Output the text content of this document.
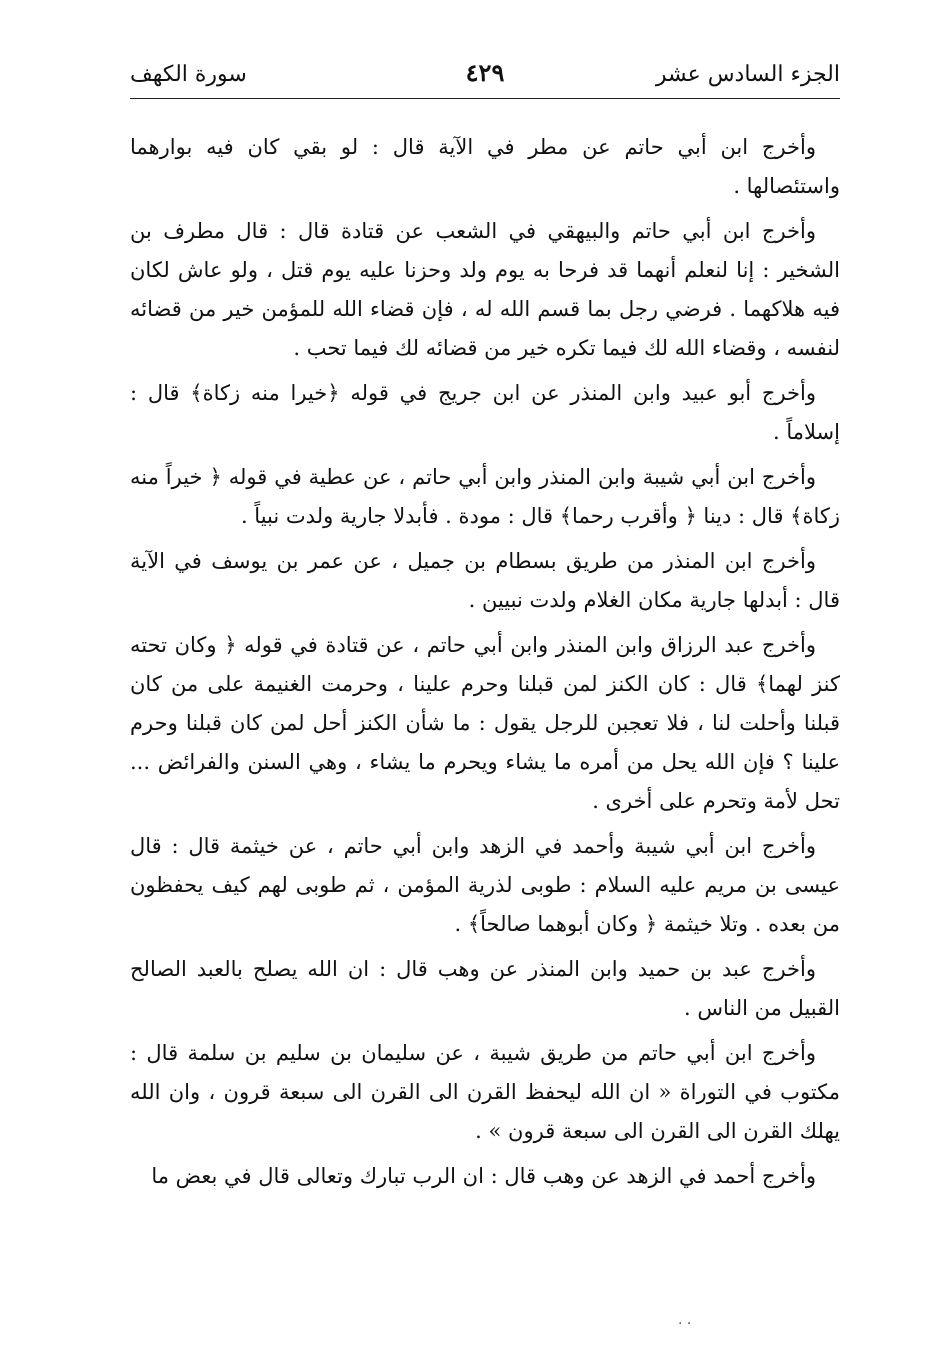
الجزء السادس عشر
٤٢٩
سورة الكهف

وأخرج ابن أبي حاتم عن مطر في الآية قال : لو بقي كان فيه بوارهما واستئصالها .

وأخرج ابن أبي حاتم والبيهقي في الشعب عن قتادة قال : قال مطرف بن الشخير : إنا لنعلم أنهما قد فرحا به يوم ولد وحزنا عليه يوم قتل ، ولو عاش لكان فيه هلاكهما . فرضي رجل بما قسم الله له ، فإن قضاء الله للمؤمن خير من قضائه لنفسه ، وقضاء الله لك فيما تكره خير من قضائه لك فيما تحب .

وأخرج أبو عبيد وابن المنذر عن ابن جريج في قوله ﴿خيرا منه زكاة﴾ قال : إسلاماً .

وأخرج ابن أبي شيبة وابن المنذر وابن أبي حاتم ، عن عطية في قوله ﴿ خيراً منه زكاة﴾ قال : دينا ﴿ وأقرب رحما﴾ قال : مودة . فأبدلا جارية ولدت نبياً .

وأخرج ابن المنذر من طريق بسطام بن جميل ، عن عمر بن يوسف في الآية قال : أبدلها جارية مكان الغلام ولدت نبيين .

وأخرج عبد الرزاق وابن المنذر وابن أبي حاتم ، عن قتادة في قوله ﴿ وكان تحته كنز لهما﴾ قال : كان الكنز لمن قبلنا وحرم علينا ، وحرمت الغنيمة على من كان قبلنا وأحلت لنا ، فلا تعجبن للرجل يقول : ما شأن الكنز أحل لمن كان قبلنا وحرم علينا ؟ فإن الله يحل من أمره ما يشاء ويحرم ما يشاء ، وهي السنن والفرائض ... تحل لأمة وتحرم على أخرى .

وأخرج ابن أبي شيبة وأحمد في الزهد وابن أبي حاتم ، عن خيثمة قال : قال عيسى بن مريم عليه السلام : طوبى لذرية المؤمن ، ثم طوبى لهم كيف يحفظون من بعده . وتلا خيثمة ﴿ وكان أبوهما صالحاً﴾ .

وأخرج عبد بن حميد وابن المنذر عن وهب قال : ان الله يصلح بالعبد الصالح القبيل من الناس .

وأخرج ابن أبي حاتم من طريق شيبة ، عن سليمان بن سليم بن سلمة قال : مكتوب في التوراة « ان الله ليحفظ القرن الى القرن الى سبعة قرون ، وان الله يهلك القرن الى القرن الى سبعة قرون » .

وأخرج أحمد في الزهد عن وهب قال : ان الرب تبارك وتعالى قال في بعض ما

. .
